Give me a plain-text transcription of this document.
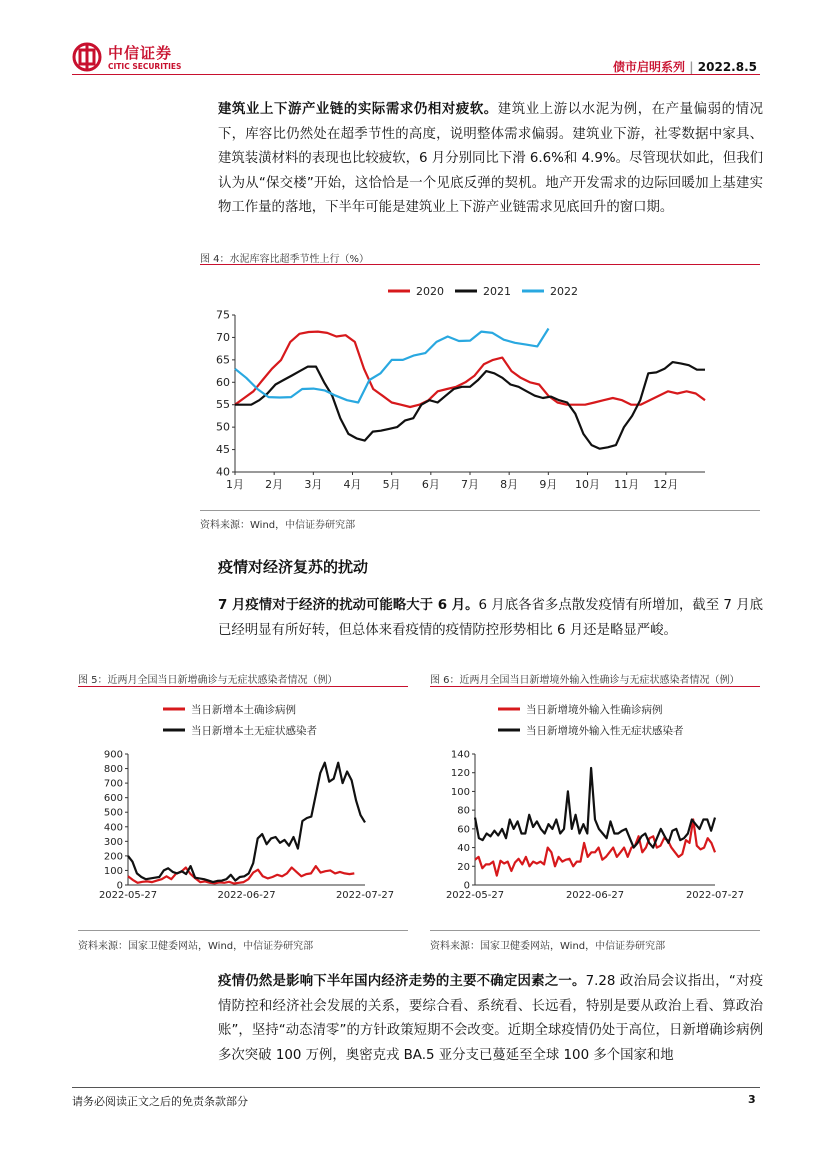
中信证券
CITIC SECURITIES	债市启明系列 | 2022.8.5
建筑业上下游产业链的实际需求仍相对疲软。建筑业上游以水泥为例，在产量偏弱的情况下，库容比仍然处在超季节性的高度，说明整体需求偏弱。建筑业下游，社零数据中家具、建筑装潢材料的表现也比较疲软，6 月分别同比下滑 6.6%和 4.9%。尽管现状如此，但我们认为从“保交楼”开始，这恰恰是一个见底反弹的契机。地产开发需求的边际回暖加上基建实物工作量的落地，下半年可能是建筑业上下游产业链需求见底回升的窗口期。
图 4：水泥库容比超季节性上行（%）
40
45
50
55
60
65
70
75
1月 2月 3月 4月 5月 6月 7月 8月 9月 10月 11月 12月
2020	2021	2022
资料来源：Wind，中信证券研究部
疫情对经济复苏的扰动
7 月疫情对于经济的扰动可能略大于 6 月。6 月底各省多点散发疫情有所增加，截至 7 月底已经明显有所好转，但总体来看疫情的疫情防控形势相比 6 月还是略显严峻。
图 5：近两月全国当日新增确诊与无症状感染者情况（例）
0
100
200
300
400
500
600
700
800
900
2022-05-27	2022-06-27	2022-07-27
当日新增本土确诊病例
当日新增本土无症状感染者
资料来源：国家卫健委网站，Wind，中信证券研究部
图 6：近两月全国当日新增境外输入性确诊与无症状感染者情况（例）
0
20
40
60
80
100
120
140
2022-05-27	2022-06-27	2022-07-27
当日新增境外输入性确诊病例
当日新增境外输入性无症状感染者
资料来源：国家卫健委网站，Wind，中信证券研究部
疫情仍然是影响下半年国内经济走势的主要不确定因素之一。7.28 政治局会议指出，“对疫情防控和经济社会发展的关系，要综合看、系统看、长远看，特别是要从政治上看、算政治账”，坚持“动态清零”的方针政策短期不会改变。近期全球疫情仍处于高位，日新增确诊病例多次突破 100 万例，奥密克戎 BA.5 亚分支已蔓延至全球 100 多个国家和地
请务必阅读正文之后的免责条款部分	3
